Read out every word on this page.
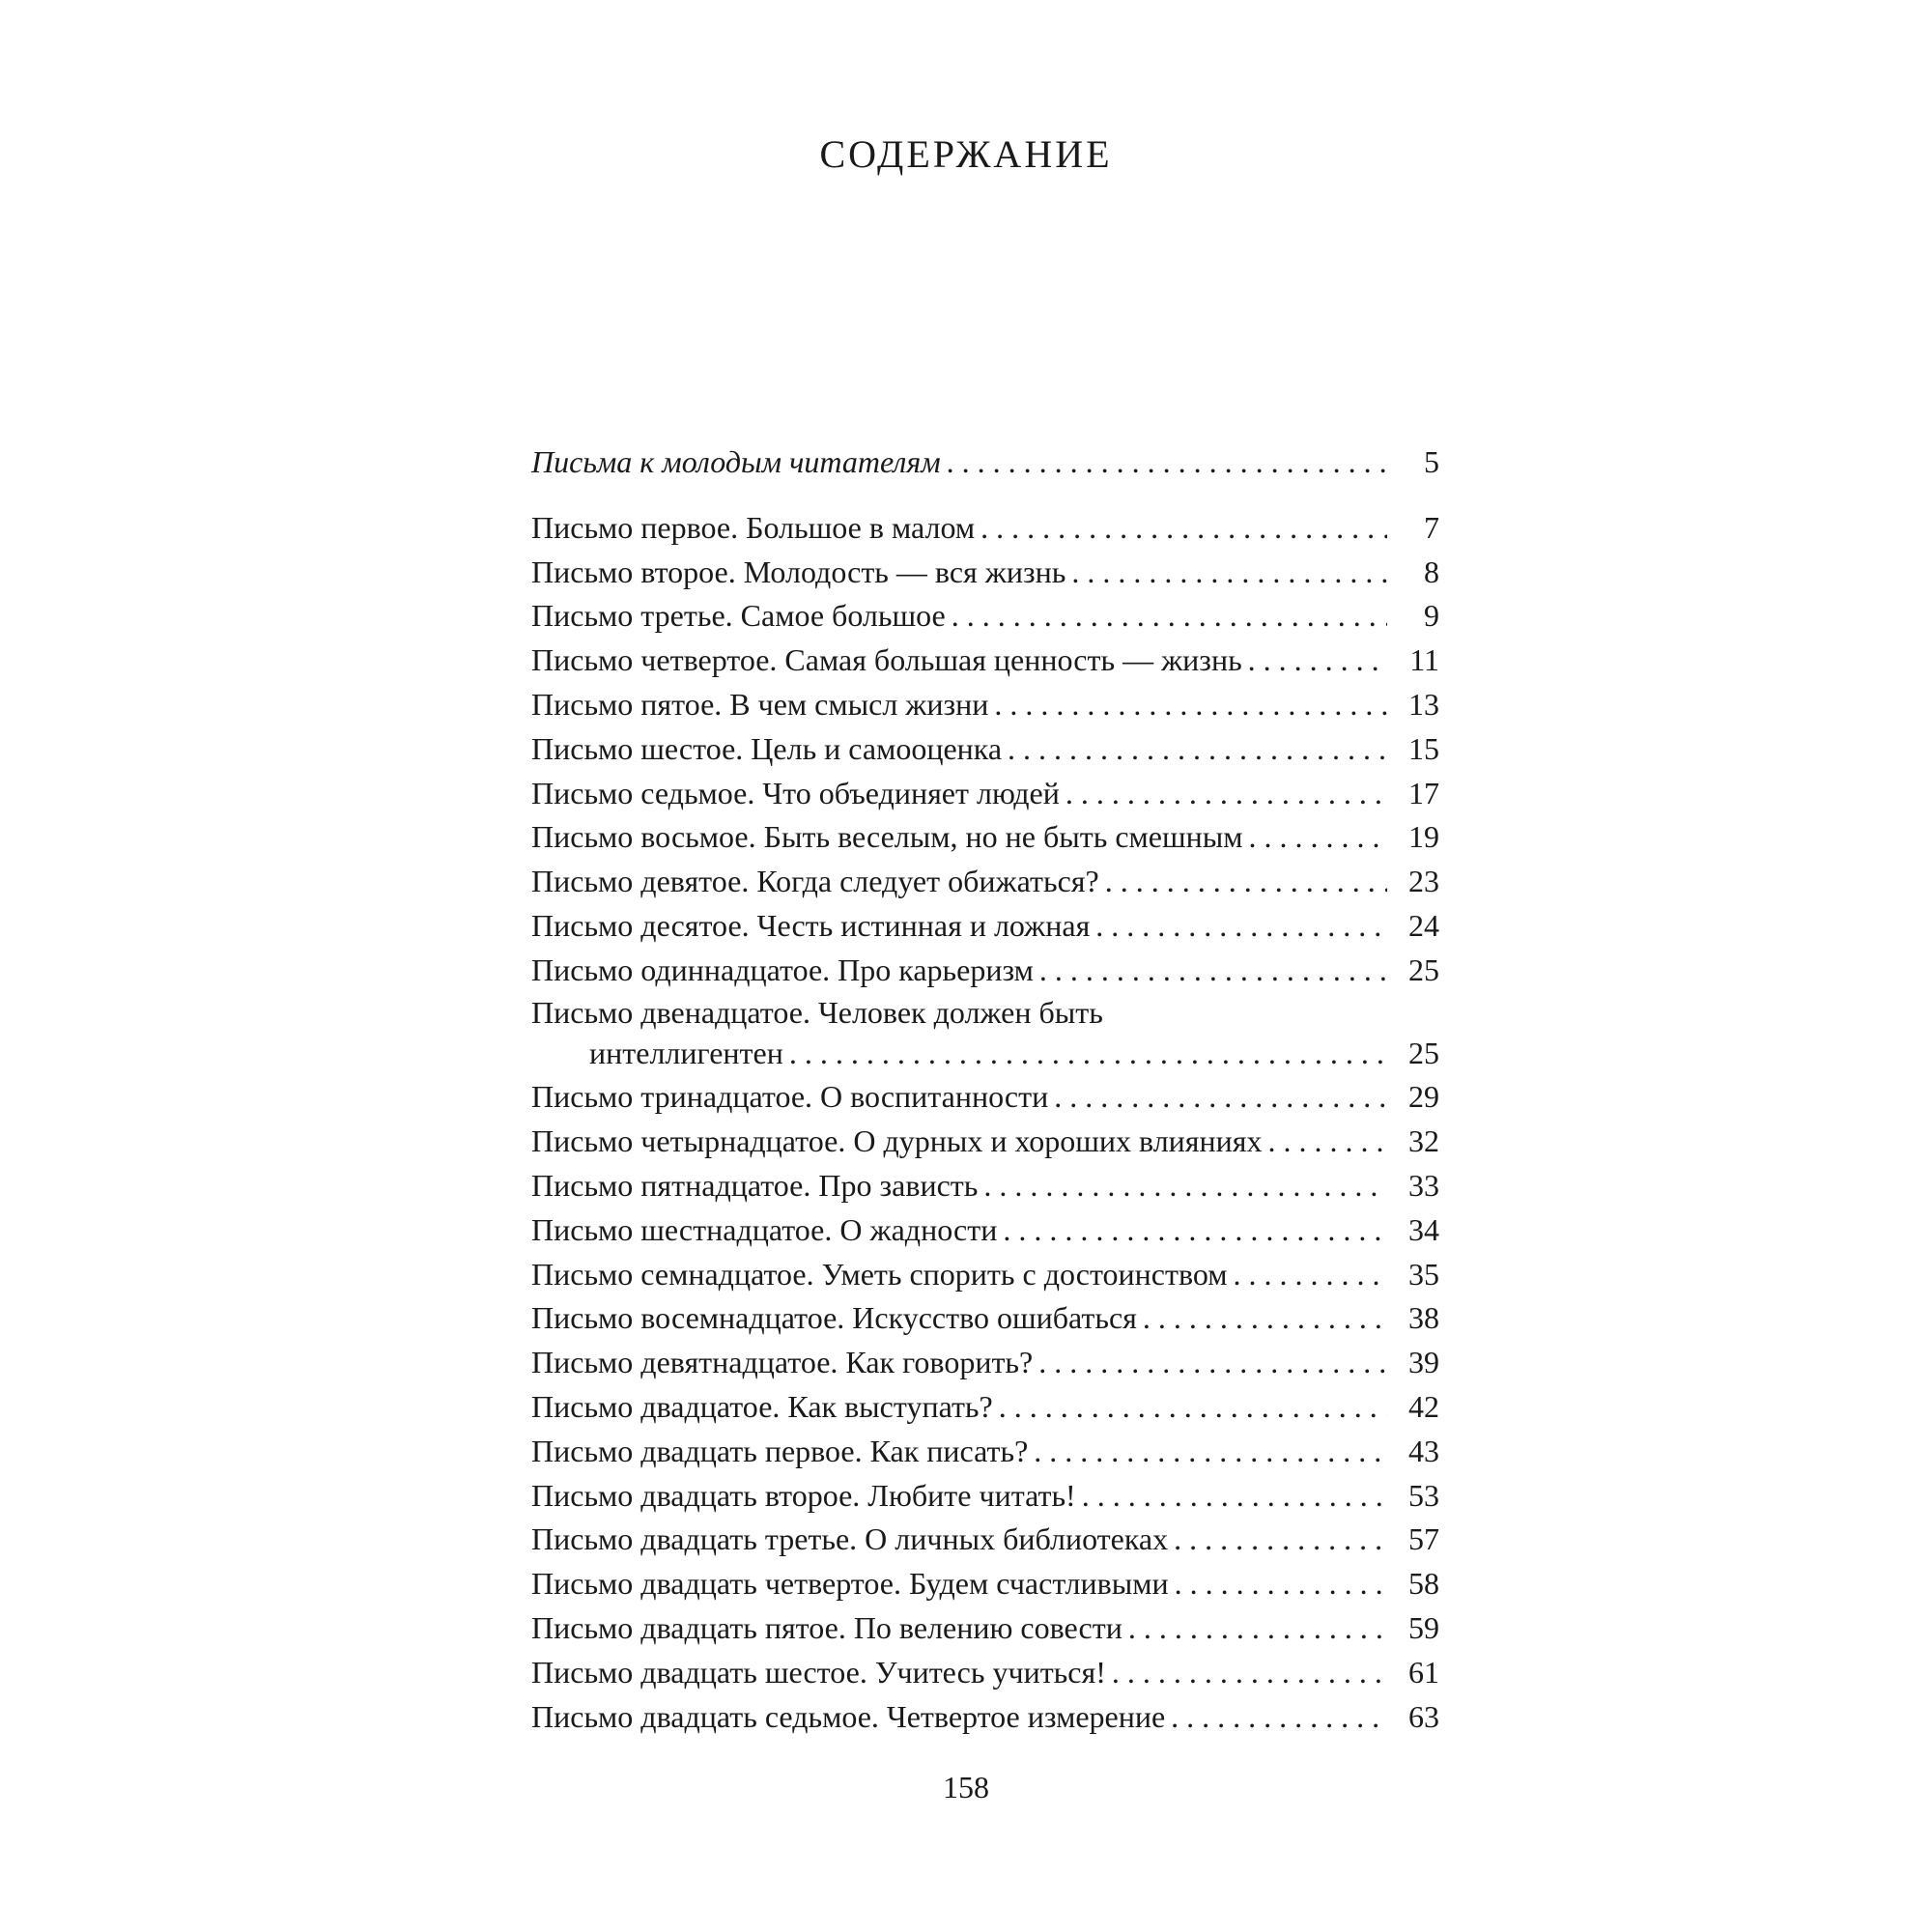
СОДЕРЖАНИЕ
Письма к молодым читателям . . .	5
Письмо первое. Большое в малом . . .	7
Письмо второе. Молодость — вся жизнь . . .	8
Письмо третье. Самое большое . . .	9
Письмо четвертое. Самая большая ценность — жизнь . . .	11
Письмо пятое. В чем смысл жизни . . .	13
Письмо шестое. Цель и самооценка . . .	15
Письмо седьмое. Что объединяет людей . . .	17
Письмо восьмое. Быть веселым, но не быть смешным . . .	19
Письмо девятое. Когда следует обижаться? . . .	23
Письмо десятое. Честь истинная и ложная . . .	24
Письмо одиннадцатое. Про карьеризм . . .	25
Письмо двенадцатое. Человек должен быть
интеллигентен . . .	25
Письмо тринадцатое. О воспитанности . . .	29
Письмо четырнадцатое. О дурных и хороших влияниях . . .	32
Письмо пятнадцатое. Про зависть . . .	33
Письмо шестнадцатое. О жадности . . .	34
Письмо семнадцатое. Уметь спорить с достоинством . . .	35
Письмо восемнадцатое. Искусство ошибаться . . .	38
Письмо девятнадцатое. Как говорить? . . .	39
Письмо двадцатое. Как выступать? . . .	42
Письмо двадцать первое. Как писать? . . .	43
Письмо двадцать второе. Любите читать! . . .	53
Письмо двадцать третье. О личных библиотеках . . .	57
Письмо двадцать четвертое. Будем счастливыми . . .	58
Письмо двадцать пятое. По велению совести . . .	59
Письмо двадцать шестое. Учитесь учиться! . . .	61
Письмо двадцать седьмое. Четвертое измерение . . .	63
158
